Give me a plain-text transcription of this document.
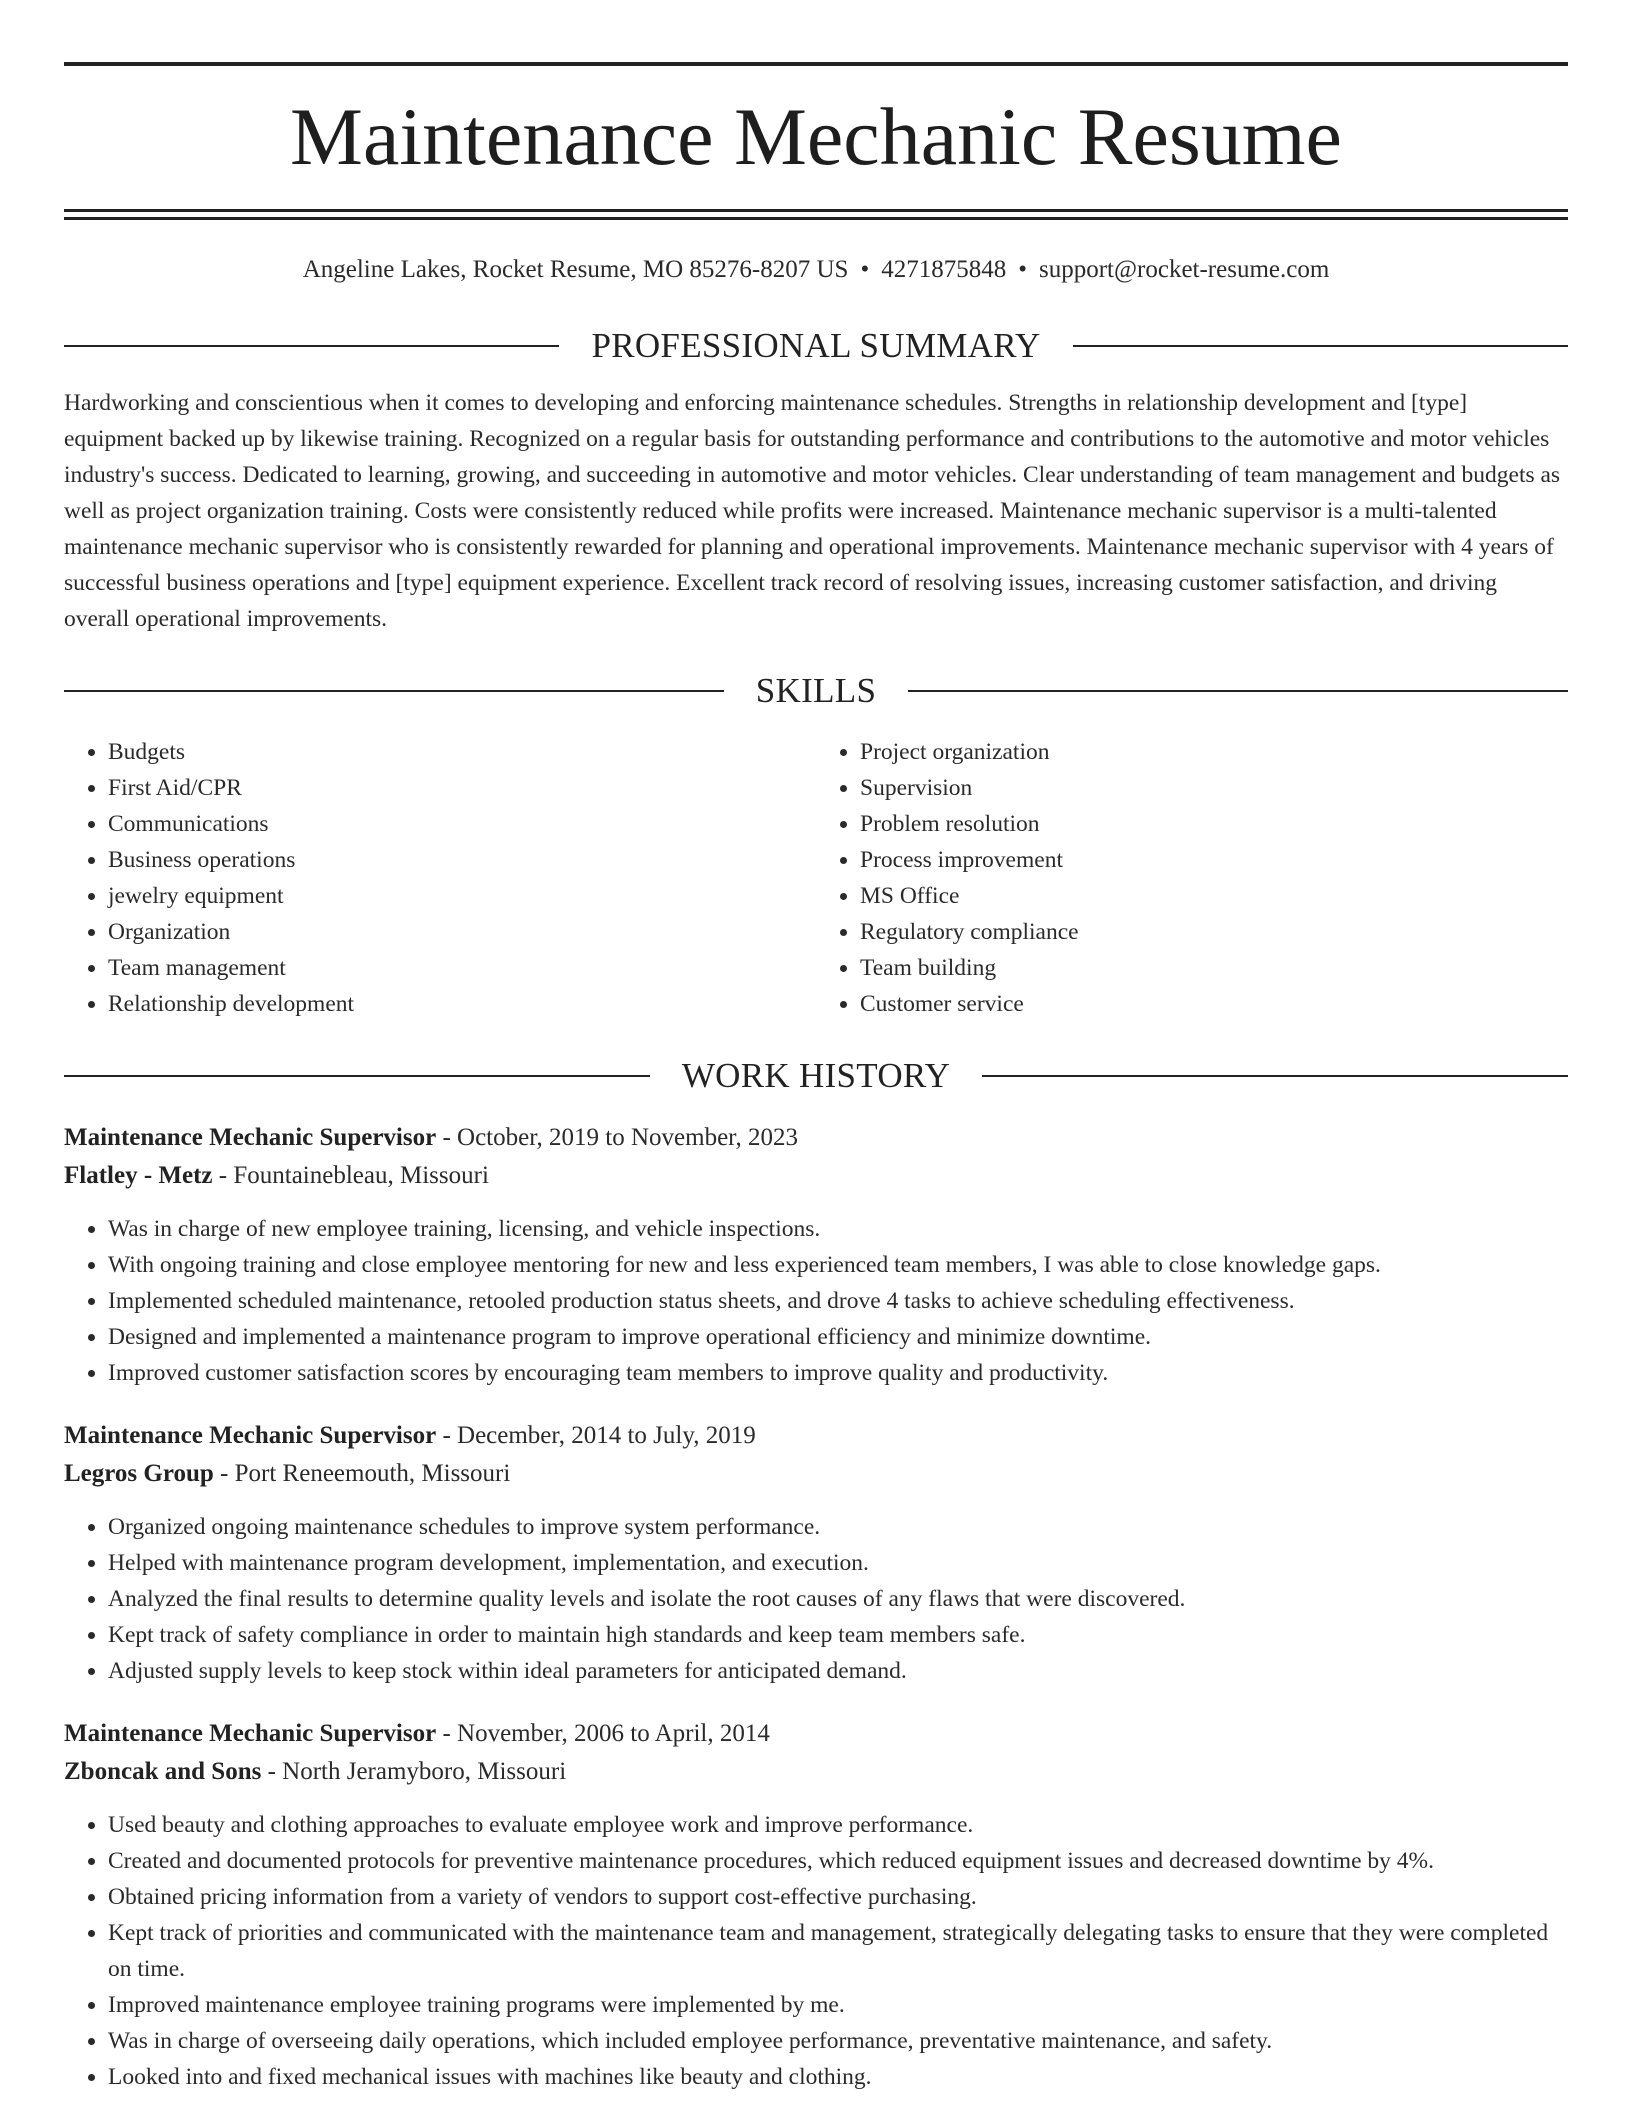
Maintenance Mechanic Resume
Angeline Lakes, Rocket Resume, MO 85276-8207 US • 4271875848 • support@rocket-resume.com
PROFESSIONAL SUMMARY

Hardworking and conscientious when it comes to developing and enforcing maintenance schedules. Strengths in relationship development and [type] equipment backed up by likewise training. Recognized on a regular basis for outstanding performance and contributions to the automotive and motor vehicles industry's success. Dedicated to learning, growing, and succeeding in automotive and motor vehicles. Clear understanding of team management and budgets as well as project organization training. Costs were consistently reduced while profits were increased. Maintenance mechanic supervisor is a multi-talented maintenance mechanic supervisor who is consistently rewarded for planning and operational improvements. Maintenance mechanic supervisor with 4 years of successful business operations and [type] equipment experience. Excellent track record of resolving issues, increasing customer satisfaction, and driving overall operational improvements.

SKILLS
• Budgets
• First Aid/CPR
• Communications
• Business operations
• jewelry equipment
• Organization
• Team management
• Relationship development
• Project organization
• Supervision
• Problem resolution
• Process improvement
• MS Office
• Regulatory compliance
• Team building
• Customer service
WORK HISTORY
Maintenance Mechanic Supervisor - October, 2019 to November, 2023
Flatley - Metz - Fountainebleau, Missouri
• Was in charge of new employee training, licensing, and vehicle inspections.
• With ongoing training and close employee mentoring for new and less experienced team members, I was able to close knowledge gaps.
• Implemented scheduled maintenance, retooled production status sheets, and drove 4 tasks to achieve scheduling effectiveness.
• Designed and implemented a maintenance program to improve operational efficiency and minimize downtime.
• Improved customer satisfaction scores by encouraging team members to improve quality and productivity.
Maintenance Mechanic Supervisor - December, 2014 to July, 2019
Legros Group - Port Reneemouth, Missouri
• Organized ongoing maintenance schedules to improve system performance.
• Helped with maintenance program development, implementation, and execution.
• Analyzed the final results to determine quality levels and isolate the root causes of any flaws that were discovered.
• Kept track of safety compliance in order to maintain high standards and keep team members safe.
• Adjusted supply levels to keep stock within ideal parameters for anticipated demand.
Maintenance Mechanic Supervisor - November, 2006 to April, 2014
Zboncak and Sons - North Jeramyboro, Missouri
• Used beauty and clothing approaches to evaluate employee work and improve performance.
• Created and documented protocols for preventive maintenance procedures, which reduced equipment issues and decreased downtime by 4%.
• Obtained pricing information from a variety of vendors to support cost-effective purchasing.
• Kept track of priorities and communicated with the maintenance team and management, strategically delegating tasks to ensure that they were completed on time.
• Improved maintenance employee training programs were implemented by me.
• Was in charge of overseeing daily operations, which included employee performance, preventative maintenance, and safety.
• Looked into and fixed mechanical issues with machines like beauty and clothing.
